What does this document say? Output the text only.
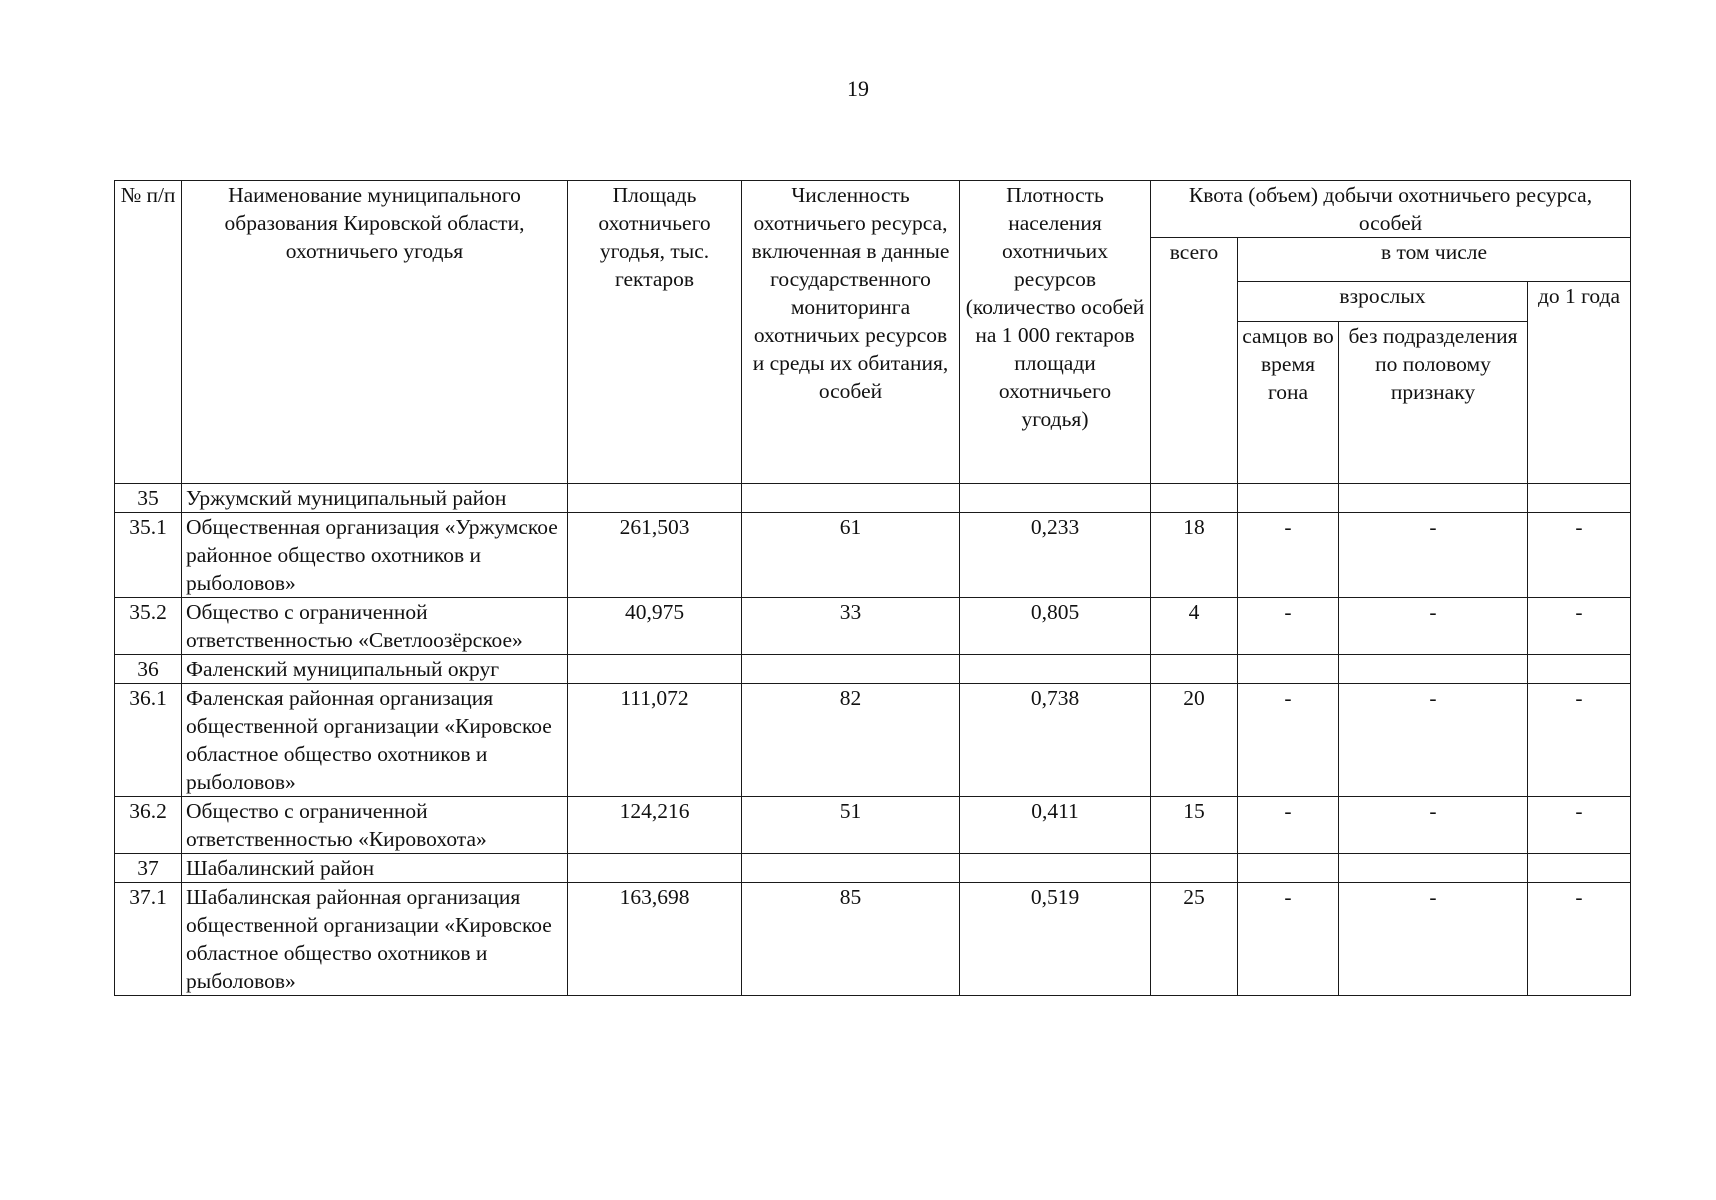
19
№ п/п	Наименование муниципального образования Кировской области, охотничьего угодья	Площадь охотничьего угодья, тыс. гектаров	Численность охотничьего ресурса, включенная в данные государственного мониторинга охотничьих ресурсов и среды их обитания, особей	Плотность населения охотничьих ресурсов (количество особей на 1 000 гектаров площади охотничьего угодья)	Квота (объем) добычи охотничьего ресурса, особей			
					всего	в том числе		
						взрослых		до 1 года
						самцов во время гона	без подразделения по половому признаку	
35	Уржумский муниципальный район							
35.1	Общественная организация «Уржумское районное общество охотников и рыболовов»	261,503	61	0,233	18	-	-	-
35.2	Общество с ограниченной ответственностью «Светлоозёрское»	40,975	33	0,805	4	-	-	-
36	Фаленский муниципальный округ							
36.1	Фаленская районная организация общественной организации «Кировское областное общество охотников и рыболовов»	111,072	82	0,738	20	-	-	-
36.2	Общество с ограниченной ответственностью «Кировохота»	124,216	51	0,411	15	-	-	-
37	Шабалинский район							
37.1	Шабалинская районная организация общественной организации «Кировское областное общество охотников и рыболовов»	163,698	85	0,519	25	-	-	-
